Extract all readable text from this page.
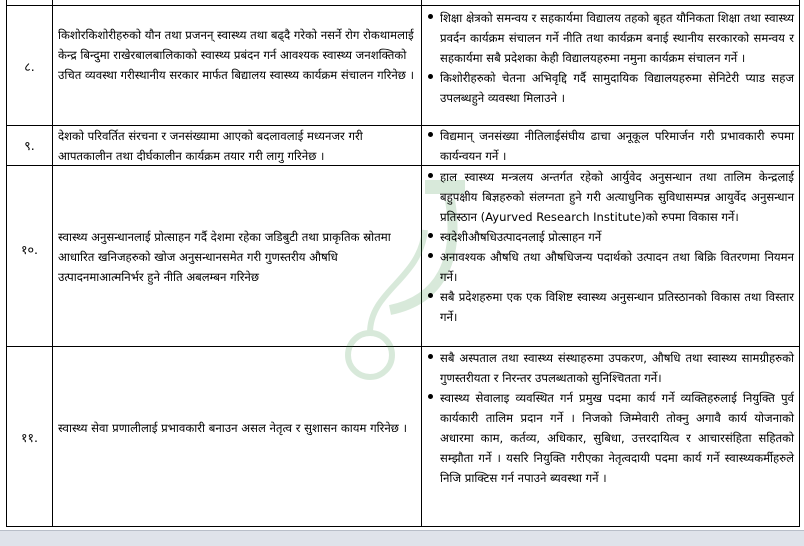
८.
किशोरकिशोरीहरुको यौन तथा प्रजनन् स्वास्थ्य तथा बढ्दै गरेको नसर्ने रोग रोकथामलाई केन्द्र बिन्दुमा राखेरबालबालिकाको स्वास्थ्य प्रबंदन गर्न आवश्यक स्वास्थ्य जनशक्तिको उचित व्यवस्था गरीस्थानीय सरकार मार्फत बिद्यालय स्वास्थ्य कार्यक्रम संचालन गरिनेछ ।
शिक्षा क्षेत्रको समन्वय र सहकार्यमा विद्यालय तहको बृहत यौनिकता शिक्षा तथा स्वास्थ्य प्रवर्दन कार्यक्रम संचालन गर्ने नीति तथा कार्यक्रम बनाई स्थानीय सरकारको समन्वय र सहकार्यमा सबै प्रदेशका केही विद्यालयहरुमा नमुना कार्यक्रम संचालन गर्ने ।
किशोरीहरुको चेतना अभिवृद्दि गर्दै सामुदायिक विद्यालयहरुमा सेनिटेरी प्याड सहज उपलब्धहुने व्यवस्था मिलाउने ।
९.
देशको परिवर्तित संरचना र जनसंख्यामा आएको बदलावलाई मध्यनजर गरी आपतकालीन तथा दीर्घकालीन कार्यक्रम तयार गरी लागु गरिनेछ ।
विद्यमान् जनसंख्या नीतिलाईसंघीय ढाचा अनूकूल परिमार्जन गरी प्रभावकारी रुपमा कार्यन्वयन गर्ने ।
१०.
स्वास्थ्य अनुसन्धानलाई प्रोत्साहन गर्दै देशमा रहेका जडिबुटी तथा प्राकृतिक स्रोतमा आधारित खनिजहरुको खोज अनुसन्धानसमेत गरी गुणस्तरीय औषधि उत्पादनमाआत्मनिर्भर हुने नीति अबलम्बन गरिनेछ
हाल स्वास्थ्य मन्त्रलय अन्तर्गत रहेको आर्युवेद अनुसन्धान तथा तालिम केन्द्रलाई बहुपक्षीय बिज्ञहरुको संलग्नता हुने गरी अत्याधुनिक सुविधासम्पन्न आयुर्वेद अनुसन्धान प्रतिस्ठान (Ayurved Research Institute)को रुपमा विकास गर्ने।
स्वदेशीऔषधिउत्पादनलाई प्रोत्साहन गर्ने
अनावश्यक औषधि तथा औषधिजन्य पदार्थको उत्पादन तथा बिक्रि वितरणमा नियमन गर्ने।
सबै प्रदेशहरुमा एक एक विशिष्ट स्वास्थ्य अनुसन्धान प्रतिस्ठानको विकास तथा विस्तार गर्ने।
११.
स्वास्थ्य सेवा प्रणालीलाई प्रभावकारी बनाउन असल नेतृत्व र सुशासन कायम गरिनेछ ।
सबै अस्पताल तथा स्वास्थ्य संस्थाहरुमा उपकरण, औषधि तथा स्वास्थ्य सामग्रीहरुको गुणस्तरीयता र निरन्तर उपलब्धताको सुनिश्चितता गर्ने।
स्वास्थ्य सेवालाइ व्यवस्थित गर्न प्रमुख पदमा कार्य गर्ने व्यक्तिहरुलाई नियुक्ति पुर्व कार्यकारी तालिम प्रदान गर्ने । निजको जिम्मेवारी तोक्नु अगावै कार्य योजनाको अधारमा काम, कर्तव्य, अधिकार, सुबिधा, उत्तरदायित्व र आचारसंहिता सहितको सम्झौता गर्ने । यसरि नियुक्ति गरीएका नेतृत्वदायी पदमा कार्य गर्ने स्वास्थ्यकर्मीहरुले निजि प्राक्टिस गर्न नपाउने ब्यवस्था गर्ने ।
